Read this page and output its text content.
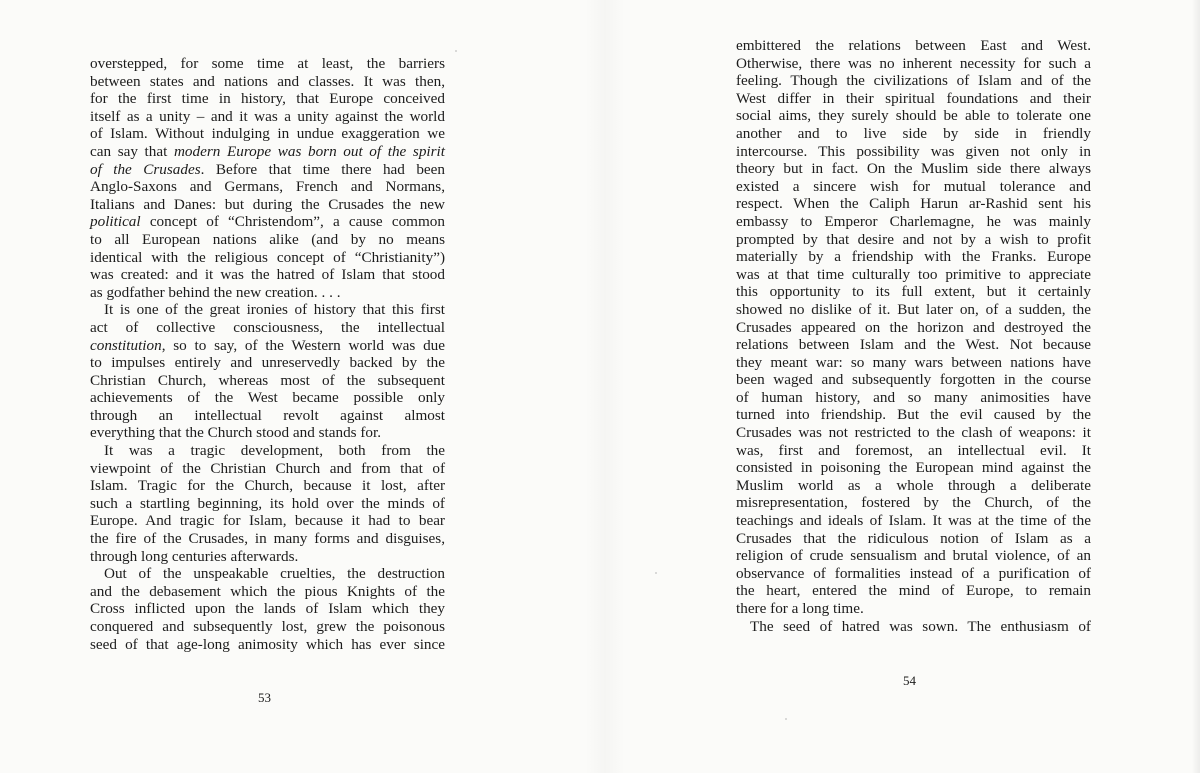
overstepped, for some time at least, the barriers
between states and nations and classes. It was then,
for the first time in history, that Europe conceived
itself as a unity – and it was a unity against the world
of Islam. Without indulging in undue exaggeration we
can say that modern Europe was born out of the spirit
of the Crusades. Before that time there had been
Anglo-Saxons and Germans, French and Normans,
Italians and Danes: but during the Crusades the new
political concept of “Christendom”, a cause common
to all European nations alike (and by no means
identical with the religious concept of “Christianity”)
was created: and it was the hatred of Islam that stood
as godfather behind the new creation. . . .
It is one of the great ironies of history that this first
act of collective consciousness, the intellectual
constitution, so to say, of the Western world was due
to impulses entirely and unreservedly backed by the
Christian Church, whereas most of the subsequent
achievements of the West became possible only
through an intellectual revolt against almost
everything that the Church stood and stands for.
It was a tragic development, both from the
viewpoint of the Christian Church and from that of
Islam. Tragic for the Church, because it lost, after
such a startling beginning, its hold over the minds of
Europe. And tragic for Islam, because it had to bear
the fire of the Crusades, in many forms and disguises,
through long centuries afterwards.
Out of the unspeakable cruelties, the destruction
and the debasement which the pious Knights of the
Cross inflicted upon the lands of Islam which they
conquered and subsequently lost, grew the poisonous
seed of that age-long animosity which has ever since
53
embittered the relations between East and West.
Otherwise, there was no inherent necessity for such a
feeling. Though the civilizations of Islam and of the
West differ in their spiritual foundations and their
social aims, they surely should be able to tolerate one
another and to live side by side in friendly
intercourse. This possibility was given not only in
theory but in fact. On the Muslim side there always
existed a sincere wish for mutual tolerance and
respect. When the Caliph Harun ar-Rashid sent his
embassy to Emperor Charlemagne, he was mainly
prompted by that desire and not by a wish to profit
materially by a friendship with the Franks. Europe
was at that time culturally too primitive to appreciate
this opportunity to its full extent, but it certainly
showed no dislike of it. But later on, of a sudden, the
Crusades appeared on the horizon and destroyed the
relations between Islam and the West. Not because
they meant war: so many wars between nations have
been waged and subsequently forgotten in the course
of human history, and so many animosities have
turned into friendship. But the evil caused by the
Crusades was not restricted to the clash of weapons: it
was, first and foremost, an intellectual evil. It
consisted in poisoning the European mind against the
Muslim world as a whole through a deliberate
misrepresentation, fostered by the Church, of the
teachings and ideals of Islam. It was at the time of the
Crusades that the ridiculous notion of Islam as a
religion of crude sensualism and brutal violence, of an
observance of formalities instead of a purification of
the heart, entered the mind of Europe, to remain
there for a long time.
The seed of hatred was sown. The enthusiasm of
54
